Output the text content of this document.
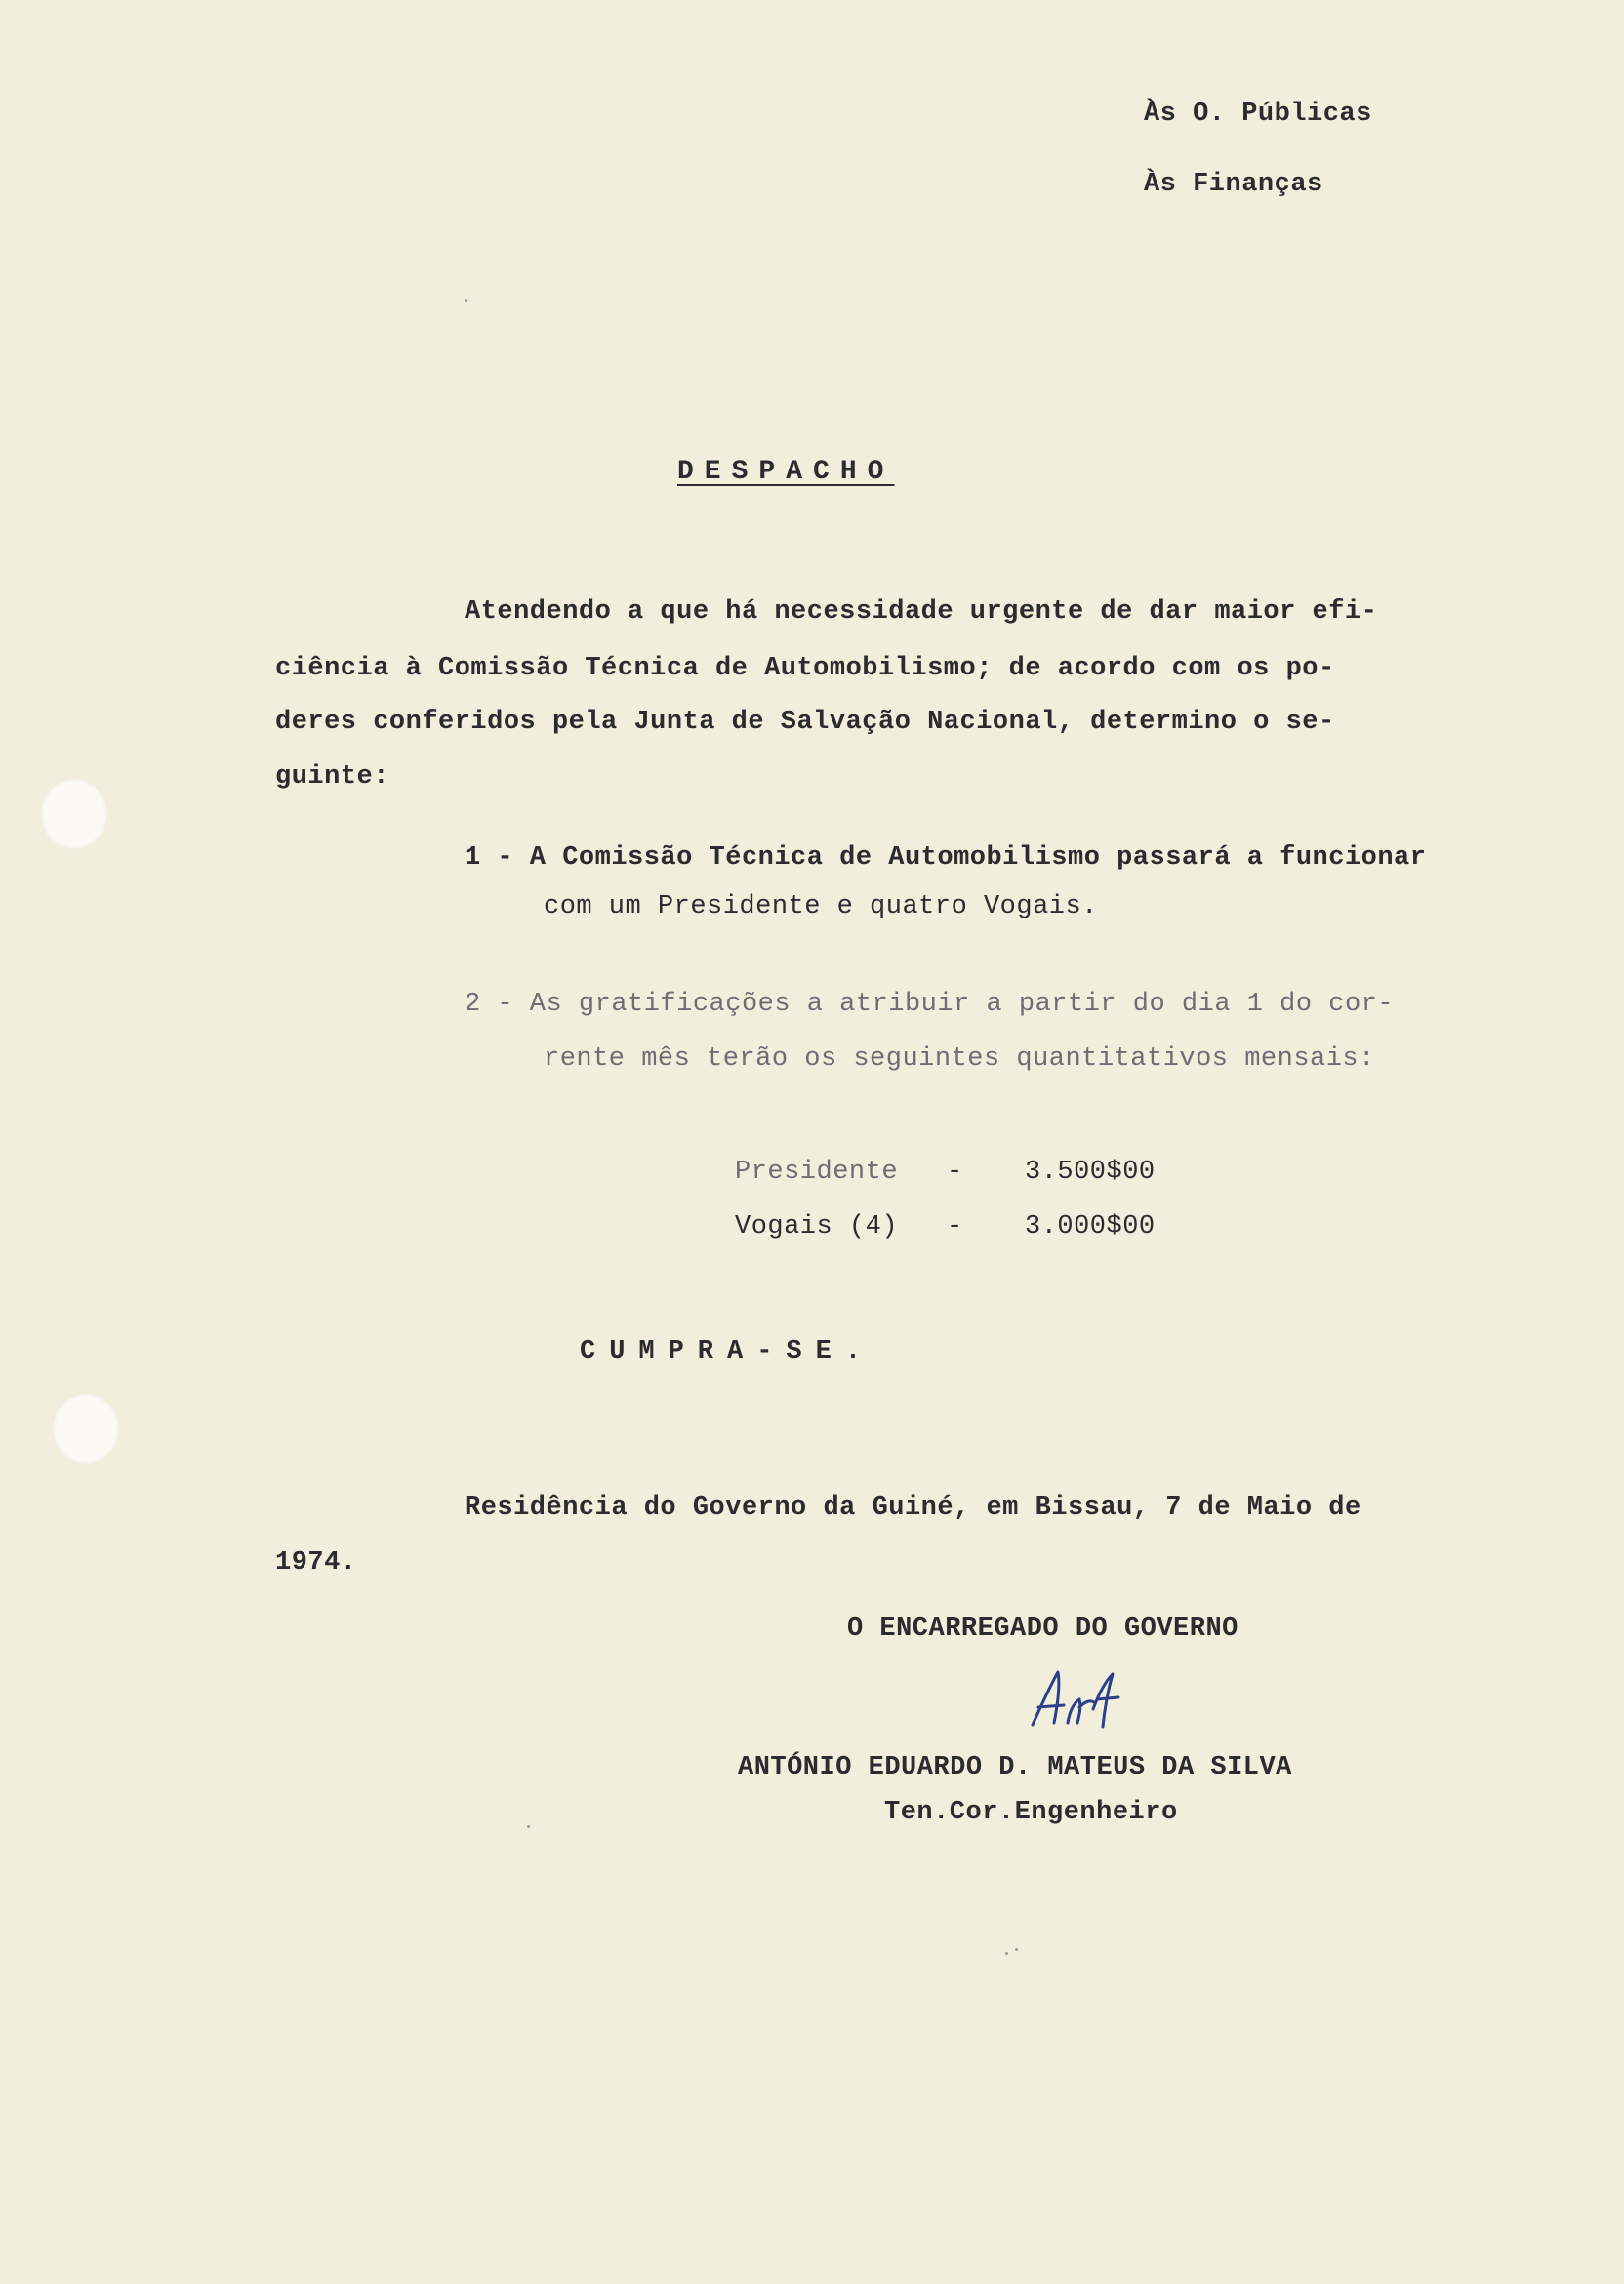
Às O. Públicas
Às Finanças
DESPACHO
Atendendo a que há necessidade urgente de dar maior efi-
ciência à Comissão Técnica de Automobilismo; de acordo com os po-
deres conferidos pela Junta de Salvação Nacional, determino o se-
guinte:
1 - A Comissão Técnica de Automobilismo passará a funcionar
com um Presidente e quatro Vogais.
2 - As gratificações a atribuir a partir do dia 1 do cor-
rente mês terão os seguintes quantitativos mensais:
Presidente - 3.500$00
Vogais (4) - 3.000$00
CUMPRA-SE.
Residência do Governo da Guiné, em Bissau, 7 de Maio de
1974.
O ENCARREGADO DO GOVERNO
ANTÓNIO EDUARDO D. MATEUS DA SILVA
Ten.Cor.Engenheiro
